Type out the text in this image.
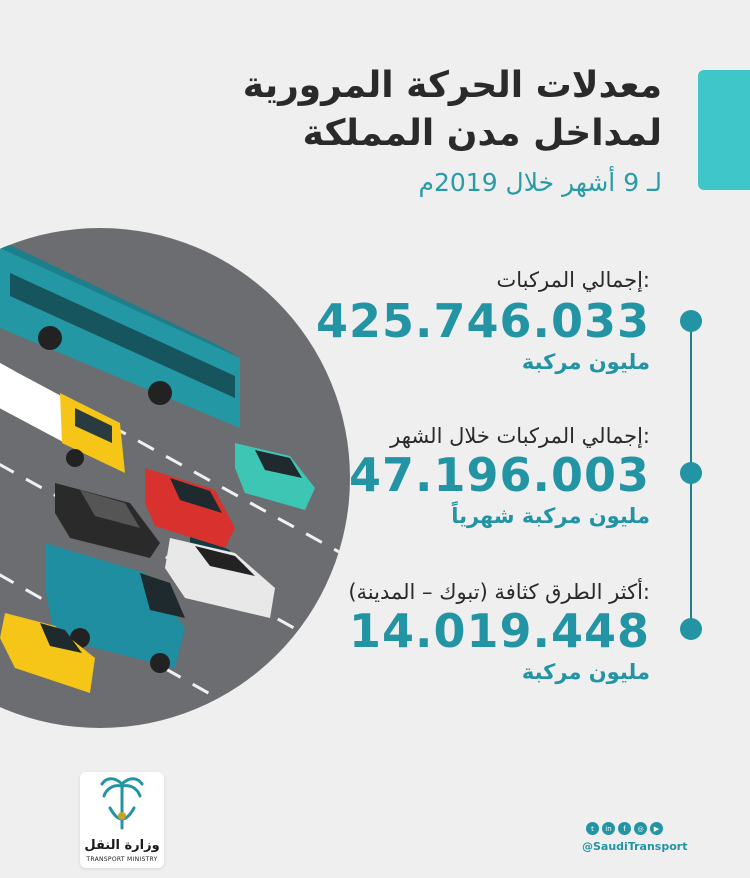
معدلات الحركة المرورية
لمداخل مدن المملكة
لـ 9 أشهر خلال 2019م
إجمالي المركبات:
425.746.033
مليون مركبة
إجمالي المركبات خلال الشهر:
47.196.003
مليون مركبة شهرياً
أكثر الطرق كثافة (تبوك – المدينة):
14.019.448
مليون مركبة
وزارة النقل
TRANSPORT MINISTRY
t	in	f	◎	▶
@SaudiTransport
